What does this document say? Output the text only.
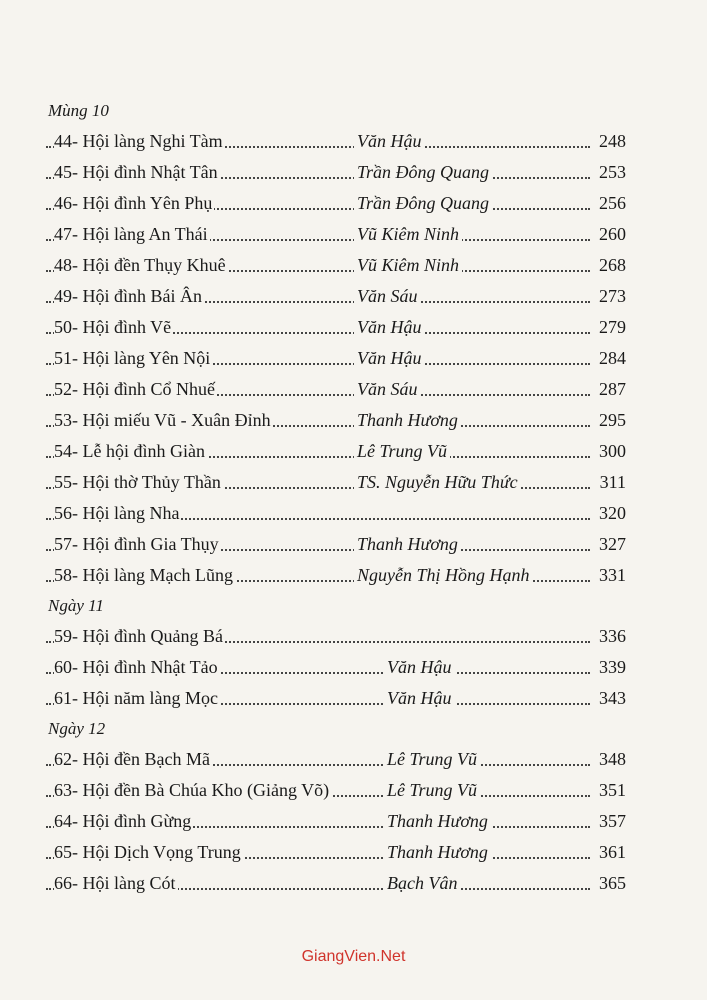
Mùng 10
44- Hội làng Nghi Tàm	Văn Hậu	248
45- Hội đình Nhật Tân	Trần Đông Quang	253
46- Hội đình Yên Phụ	Trần Đông Quang	256
47- Hội làng An Thái	Vũ Kiêm Ninh	260
48- Hội đền Thụy Khuê	Vũ Kiêm Ninh	268
49- Hội đình Bái Ân	Văn Sáu	273
50- Hội đình Vẽ	Văn Hậu	279
51- Hội làng Yên Nội	Văn Hậu	284
52- Hội đình Cổ Nhuế	Văn Sáu	287
53- Hội miếu Vũ - Xuân Đỉnh	Thanh Hương	295
54- Lễ hội đình Giàn	Lê Trung Vũ	300
55- Hội thờ Thủy Thần	TS. Nguyễn Hữu Thức	311
56- Hội làng Nha	320
57- Hội đình Gia Thụy	Thanh Hương	327
58- Hội làng Mạch Lũng	Nguyễn Thị Hồng Hạnh	331
Ngày 11
59- Hội đình Quảng Bá	336
60- Hội đình Nhật Tảo	Văn Hậu	339
61- Hội năm làng Mọc	Văn Hậu	343
Ngày 12
62- Hội đền Bạch Mã	Lê Trung Vũ	348
63- Hội đền Bà Chúa Kho (Giảng Võ)	Lê Trung Vũ	351
64- Hội đình Gừng	Thanh Hương	357
65- Hội Dịch Vọng Trung	Thanh Hương	361
66- Hội làng Cót	Bạch Vân	365
GiangVien.Net
